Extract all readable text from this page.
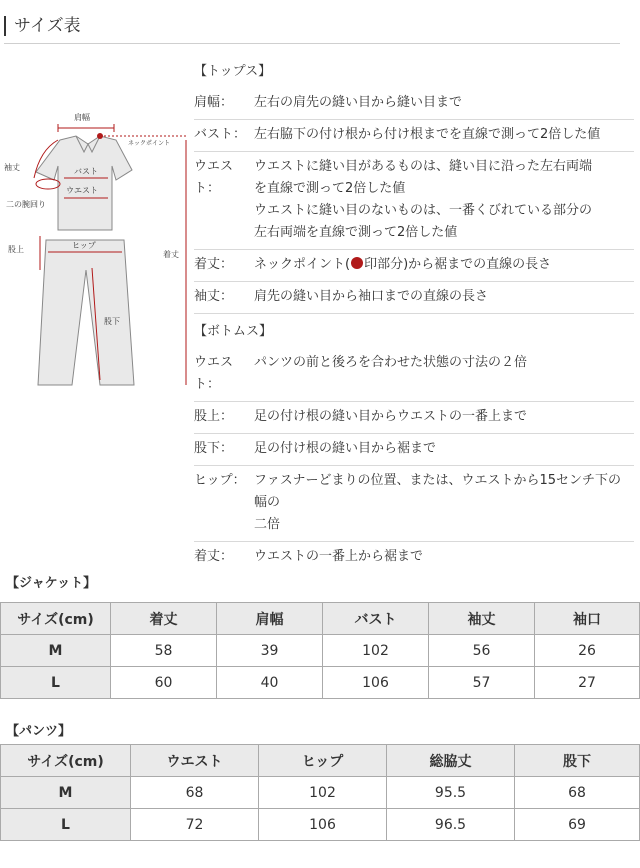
サイズ表
肩幅
ネックポイント
袖丈	バスト
ウエスト
二の腕回り
着丈
股上	ヒップ
股下
【トップス】
肩幅：	左右の肩先の縫い目から縫い目まで
バスト： 左右脇下の付け根から付け根までを直線で測って2倍した値
ウエスト：
ウエストに縫い目があるものは、縫い目に沿った左右両端
を直線で測って2倍した値
ウエストに縫い目のないものは、一番くびれている部分の
左右両端を直線で測って2倍した値
着丈：	ネックポイント( 印部分)から裾までの直線の長さ
袖丈：	肩先の縫い目から袖口までの直線の長さ
【ボトムス】
ウエスト：
パンツの前と後ろを合わせた状態の寸法の２倍
股上：	足の付け根の縫い目からウエストの一番上まで
股下：	足の付け根の縫い目から裾まで
ヒップ： ファスナーどまりの位置、または、ウエストから15センチ下の幅の
二倍
着丈：	ウエストの一番上から裾まで
【ジャケット】
サイズ(cm)	着丈	肩幅	バスト	袖丈	袖口
M	58	39	102	56	26
L	60	40	106	57	27
【パンツ】
サイズ(cm)	ウエスト	ヒップ	総脇丈	股下
M	68	102	95.5	68
L	72	106	96.5	69
